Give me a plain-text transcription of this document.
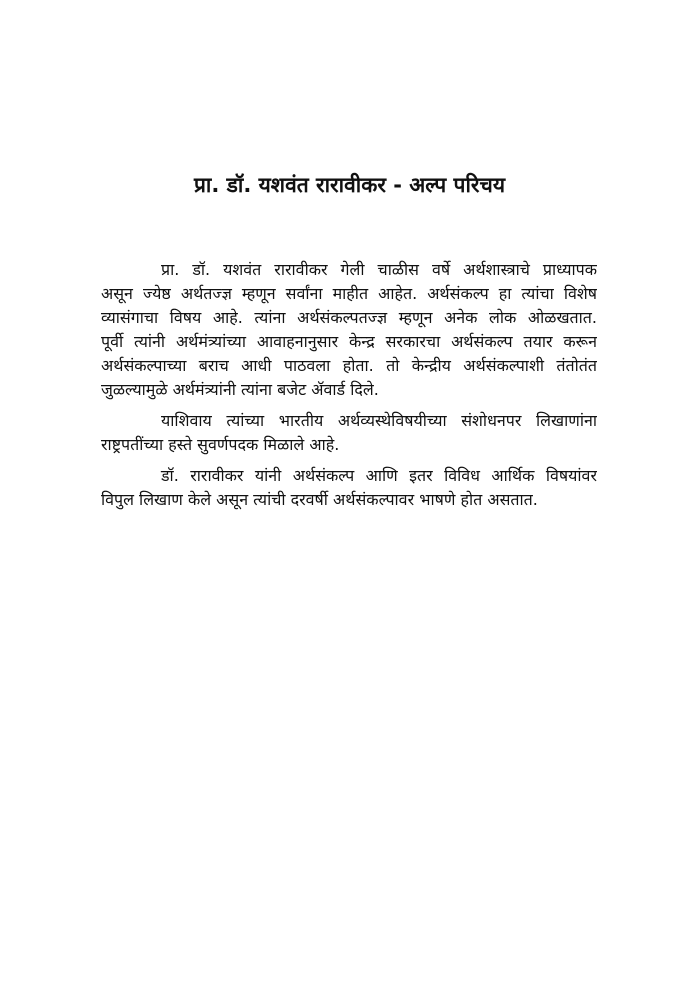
प्रा. डॉ. यशवंत रारावीकर - अल्प परिचय

प्रा. डॉ. यशवंत रारावीकर गेली चाळीस वर्षे अर्थशास्त्राचे प्राध्यापक
असून ज्येष्ठ अर्थतज्ज्ञ म्हणून सर्वांना माहीत आहेत. अर्थसंकल्प हा त्यांचा विशेष
व्यासंगाचा विषय आहे. त्यांना अर्थसंकल्पतज्ज्ञ म्हणून अनेक लोक ओळखतात.
पूर्वी त्यांनी अर्थमंत्र्यांच्या आवाहनानुसार केन्द्र सरकारचा अर्थसंकल्प तयार करून
अर्थसंकल्पाच्या बराच आधी पाठवला होता. तो केन्द्रीय अर्थसंकल्पाशी तंतोतंत
जुळल्यामुळे अर्थमंत्र्यांनी त्यांना बजेट ॲवार्ड दिले.

याशिवाय त्यांच्या भारतीय अर्थव्यस्थेविषयीच्या संशोधनपर लिखाणांना
राष्ट्रपतींच्या हस्ते सुवर्णपदक मिळाले आहे.

डॉ. रारावीकर यांनी अर्थसंकल्प आणि इतर विविध आर्थिक विषयांवर
विपुल लिखाण केले असून त्यांची दरवर्षी अर्थसंकल्पावर भाषणे होत असतात.
